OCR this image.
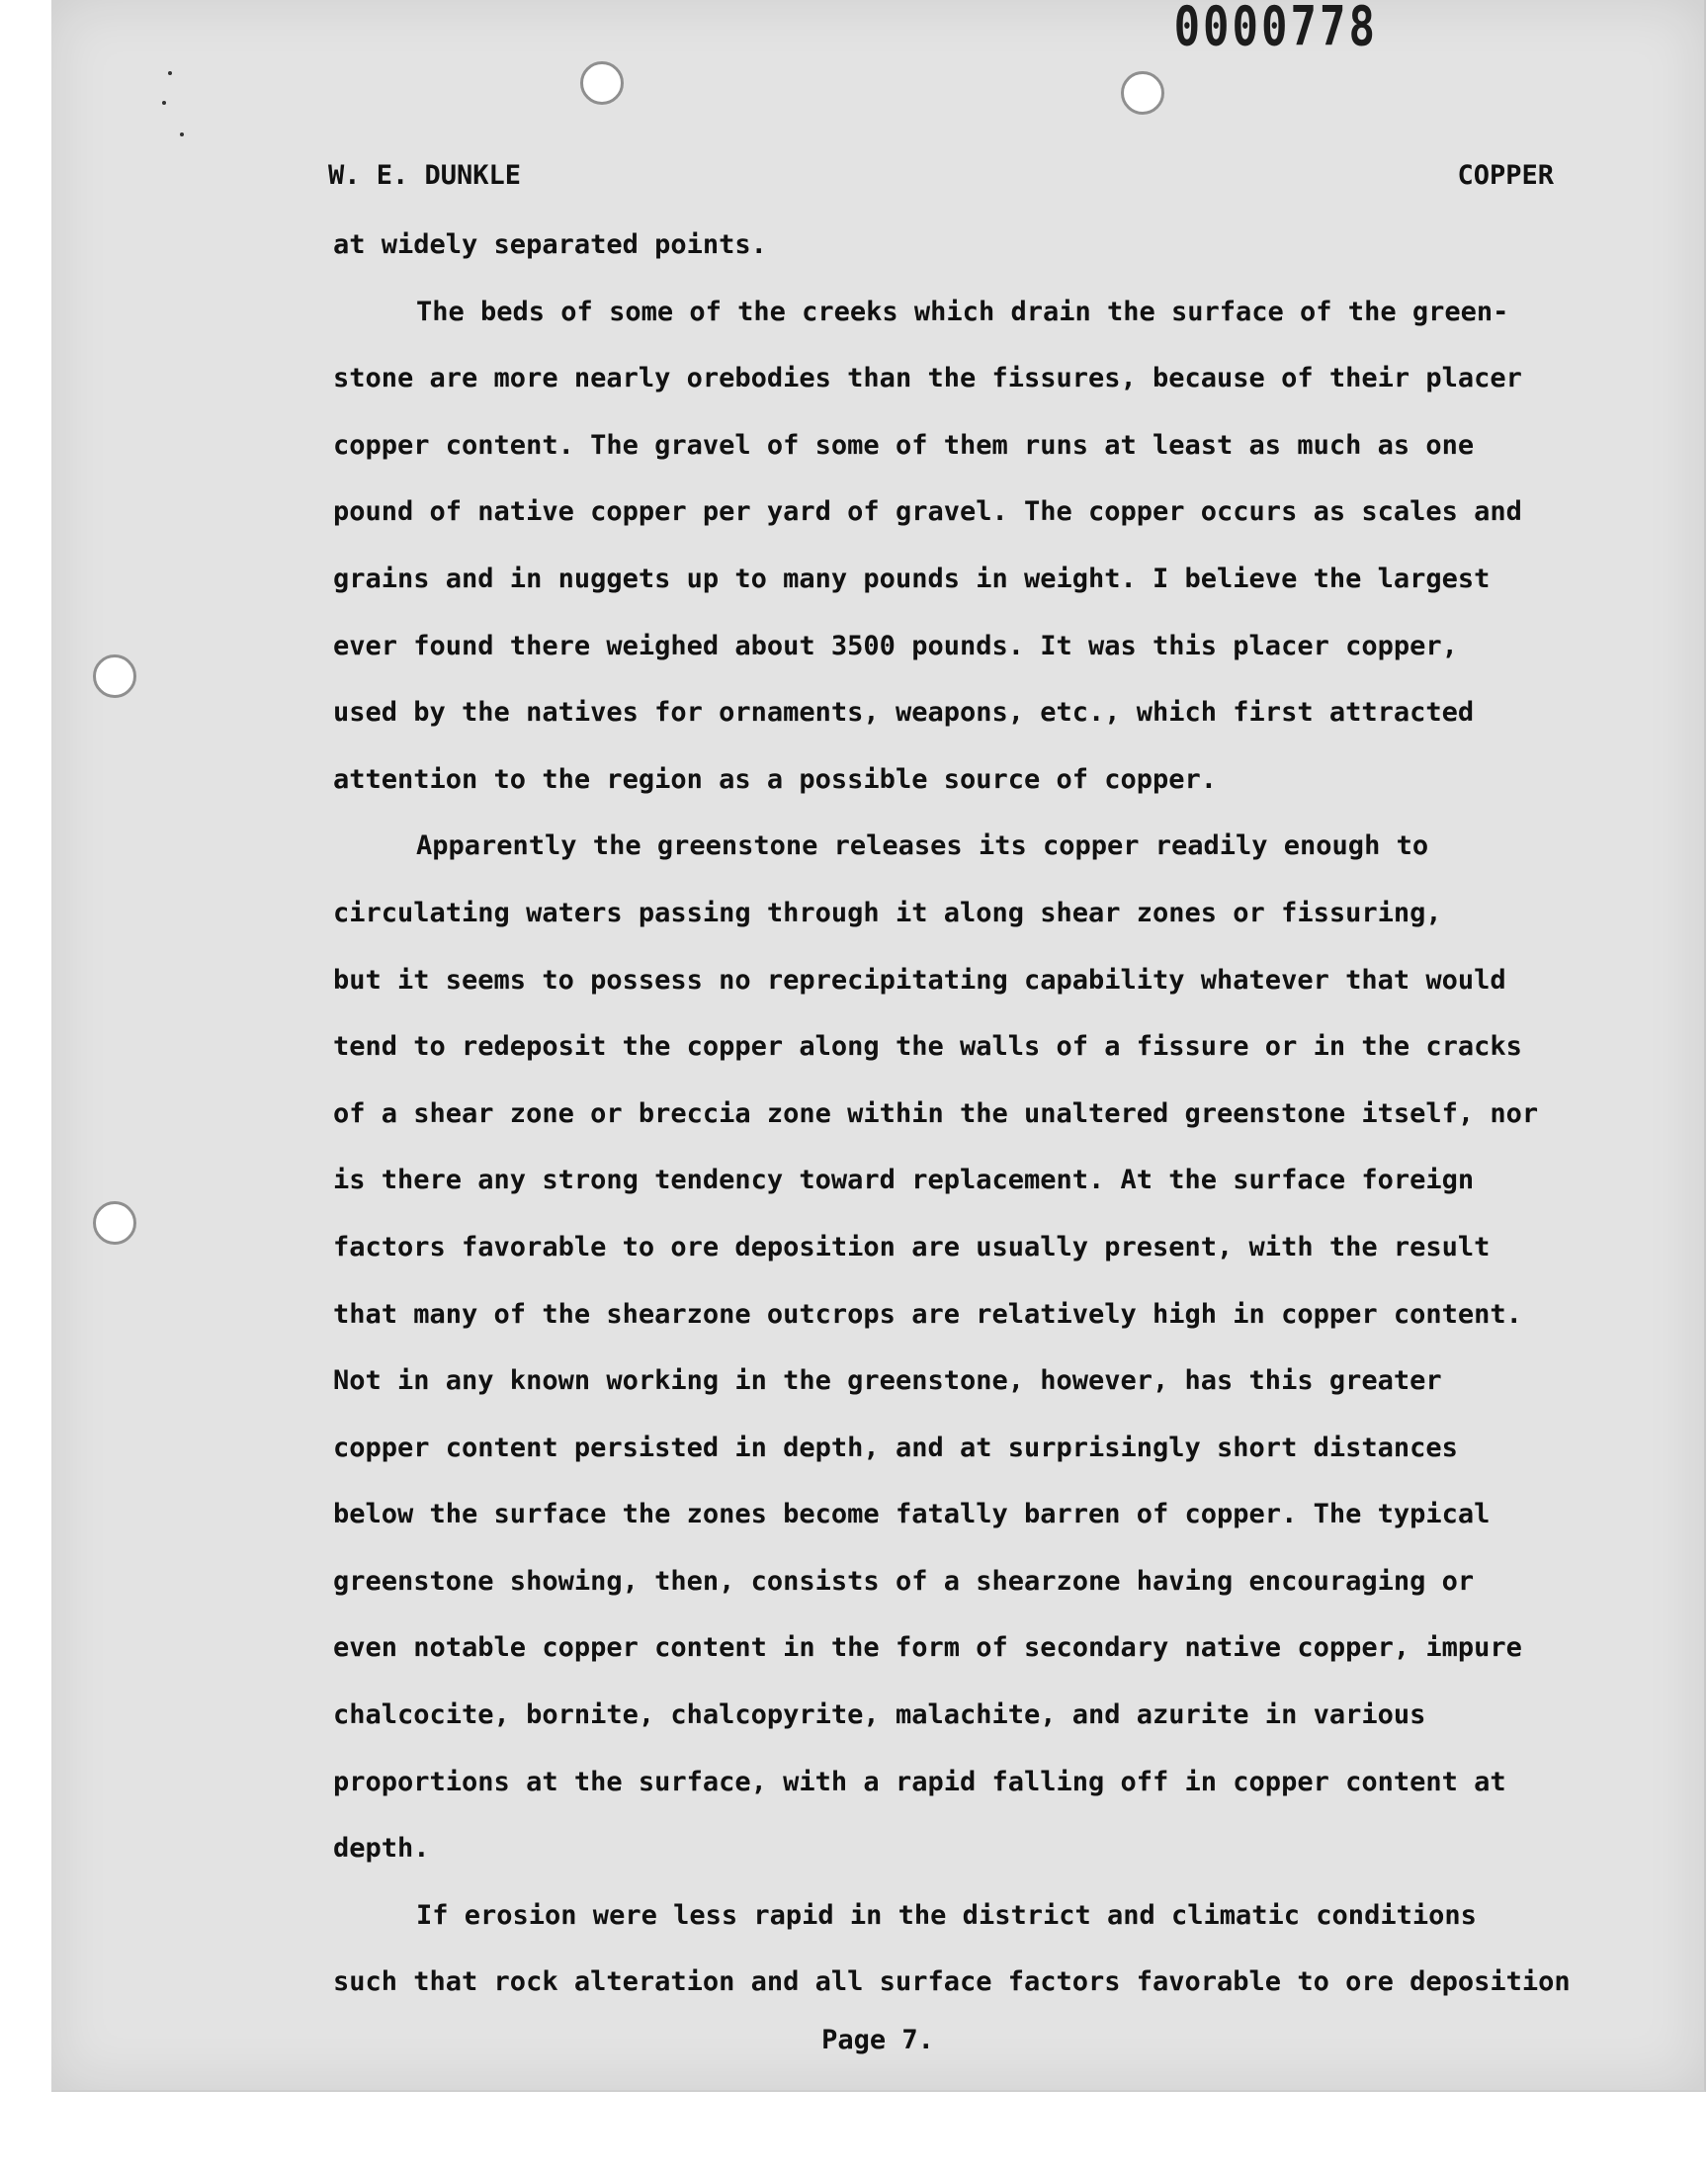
0000778
W. E. DUNKLE	COPPER
at widely separated points.
The beds of some of the creeks which drain the surface of the green-
stone are more nearly orebodies than the fissures, because of their placer
copper content. The gravel of some of them runs at least as much as one
pound of native copper per yard of gravel. The copper occurs as scales and
grains and in nuggets up to many pounds in weight. I believe the largest
ever found there weighed about 3500 pounds. It was this placer copper,
used by the natives for ornaments, weapons, etc., which first attracted
attention to the region as a possible source of copper.
Apparently the greenstone releases its copper readily enough to
circulating waters passing through it along shear zones or fissuring,
but it seems to possess no reprecipitating capability whatever that would
tend to redeposit the copper along the walls of a fissure or in the cracks
of a shear zone or breccia zone within the unaltered greenstone itself, nor
is there any strong tendency toward replacement. At the surface foreign
factors favorable to ore deposition are usually present, with the result
that many of the shearzone outcrops are relatively high in copper content.
Not in any known working in the greenstone, however, has this greater
copper content persisted in depth, and at surprisingly short distances
below the surface the zones become fatally barren of copper. The typical
greenstone showing, then, consists of a shearzone having encouraging or
even notable copper content in the form of secondary native copper, impure
chalcocite, bornite, chalcopyrite, malachite, and azurite in various
proportions at the surface, with a rapid falling off in copper content at
depth.
If erosion were less rapid in the district and climatic conditions
such that rock alteration and all surface factors favorable to ore deposition
Page 7.
